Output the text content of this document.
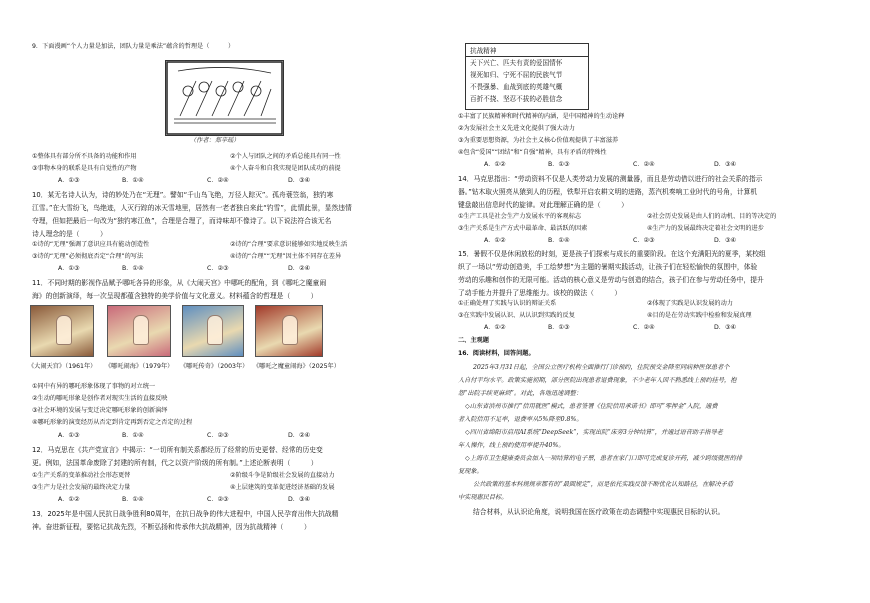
9．下面漫画“个人力量是加法，团队力量是乘法”蕴含的哲理是（　　　）
（作者：郑辛瑶）
①整体具有部分所不具备的功能和作用	②个人与团队之间的矛盾总能具有同一性
③事物本身的联系是具有自觉性的产物	④个人奋斗和自我实现是团队成功的前提
A．①③	B．①④	C．②④	D．③④
10．某无名诗人认为，诗的妙处乃在“无理”。譬如“千山鸟飞绝，万径人踪灭”。孤舟蓑笠翁，独钓寒
江雪。”在大雪纷飞，鸟绝迹，人灭行踪的冰天雪地里，居然有一老者独自来此“钓雪”，此情此景，显然违情
夺理，但如把最后一句改为“独钓寒江鱼”，合理是合理了，而诗味却不像诗了。以下说法符合该无名
诗人理念的是（　　　）
①诗的“无理”强调了意识应具有能动创造性	②诗的“合理”要求意识能够如实地反映生活
③诗的“无理”必须彻底否定“合理”的写法	④诗的“合理”“无理”因主体不同存在差异
A．①③	B．①④	C．②③	D．②④
11．不同时期的影视作品赋予哪吒各异的形象，从《大闹天宫》中哪吒的配角，到《哪吒之魔童闹
海》的创新演绎，每一次呈现都蕴含独特的美学价值与文化意义。材料蕴含的哲理是（　　　）
《大闹天宫》（1961年） 《哪吒闹海》（1979年） 《哪吒传奇》（2003年） 《哪吒之魔童闹海》（2025年）
①同中有异的哪吒形象体现了事物的对立统一
②生动的哪吒形象是创作者对现实生活的直接反映
③社会环境的发展与变迁决定哪吒形象的创新演绎
④哪吒形象的演变经历从否定到肯定再到否定之否定的过程
A．①③	B．①④	C．②③	D．②④
12．马克思在《共产党宣言》中揭示：“一切所有制关系都经历了经常的历史更替、经常的历史变
更。例如，法国革命废除了封建的所有制，代之以资产阶级的所有制。”上述论断表明（　　　）
①生产关系的变革推动社会形态更替	②阶级斗争是阶级社会发展的直接动力
③生产力是社会发展的最终决定力量	④上层建筑的变革促进经济基础的发展
A．①②	B．①④	C．②③	D．③④
13．2025年是中国人民抗日战争胜利80周年，在抗日战争的伟大进程中，中国人民孕育出伟大抗战精
神。奋进新征程，要铭记抗战先烈，不断弘扬和传承伟大抗战精神，因为抗战精神（　　　）
抗战精神
天下兴亡、匹夫有责的爱国情怀
视死如归、宁死不屈的民族气节
不畏强暴、血战到底的英雄气概
百折不挠、坚忍不拔的必胜信念
①丰富了民族精神和时代精神的内涵，是中国精神的生动诠释
②为发展社会主义先进文化提供了强大动力
③为重要思想资源，为社会主义核心价值观提供了丰富滋养
④包含“爱国”“团结”和“自强”精神，具有矛盾的特殊性
A．①②	B．①③	C．②④	D．③④
14．马克思指出：“劳动资料不仅是人类劳动力发展的测量器，而且是劳动借以进行的社会关系的指示
器。”钻木取火照亮从猿到人的历程，铁犁开启农耕文明的进路，蒸汽机奏响工业时代的号角，计算机
键盘敲出信息时代的旋律。对此理解正确的是（　　　）
①生产工具是社会生产力发展水平的客观标志	②社会历史发展是由人们的动机、目的等决定的
③生产关系是生产方式中最革命、最活跃的因素	④生产力的发展最终决定着社会文明的进步
A．①②	B．①④	C．②③	D．③④
15．暑假不仅是休闲放松的时刻，更是孩子们探索与成长的重要阶段。在这个充满阳光的夏季，某校组
织了一场以“劳动创造美，手工绘梦想”为主题的暑期实践活动，让孩子们在轻松愉快的氛围中，体验
劳动的乐趣和创作的无限可能。活动的核心意义是劳动与创造的结合，孩子们在参与劳动任务中，提升
了动手能力并提升了思维能力。该校的做法（　　　）
①正确处理了实践与认识的辩证关系	②体现了实践是认识发展的动力
③在实践中发展认识、从认识到实践的反复	④目的是在劳动实践中检验和发展真理
A．①②	B．①③	C．②④	D．③④
二、主观题
16．阅读材料，回答问题。
2025年3月31日起，全国公立医疗机构全面推行门诊预约，住院预交金降至同病种医保患者个
人自付平均水平。政策实施初期，部分医院出现患者退费现象，不少老年人因不熟悉线上预约挂号，抱
怨“出院手续更麻烦”。对此，各地迅速调整：
◇山东省滨州市推行“信用就医”模式，患者签署《住院信用承诺书》即可“零押金”入院，通费
者入院信用不足率，退费率从5%降至0.8%。
◇四川省绵阳市启用AI系统“DeepSeek”，实现出院“床旁3分钟结算”，并通过语音助手指导老
年人操作，线上预约使用率提升40%。
◇上海市卫生健康委员会加入一项结算的电子票，患者在家门口即可完成复诊开药，减少跨级就医的排
复现象。
公共政策的基本科规规章都有的“最圆规定”，而是依托实践反馈不断优化认知路径，在解决矛盾
中实现惠民目标。
结合材料，从认识论角度，说明我国在医疗政策在动态调整中实现惠民目标的认识。
